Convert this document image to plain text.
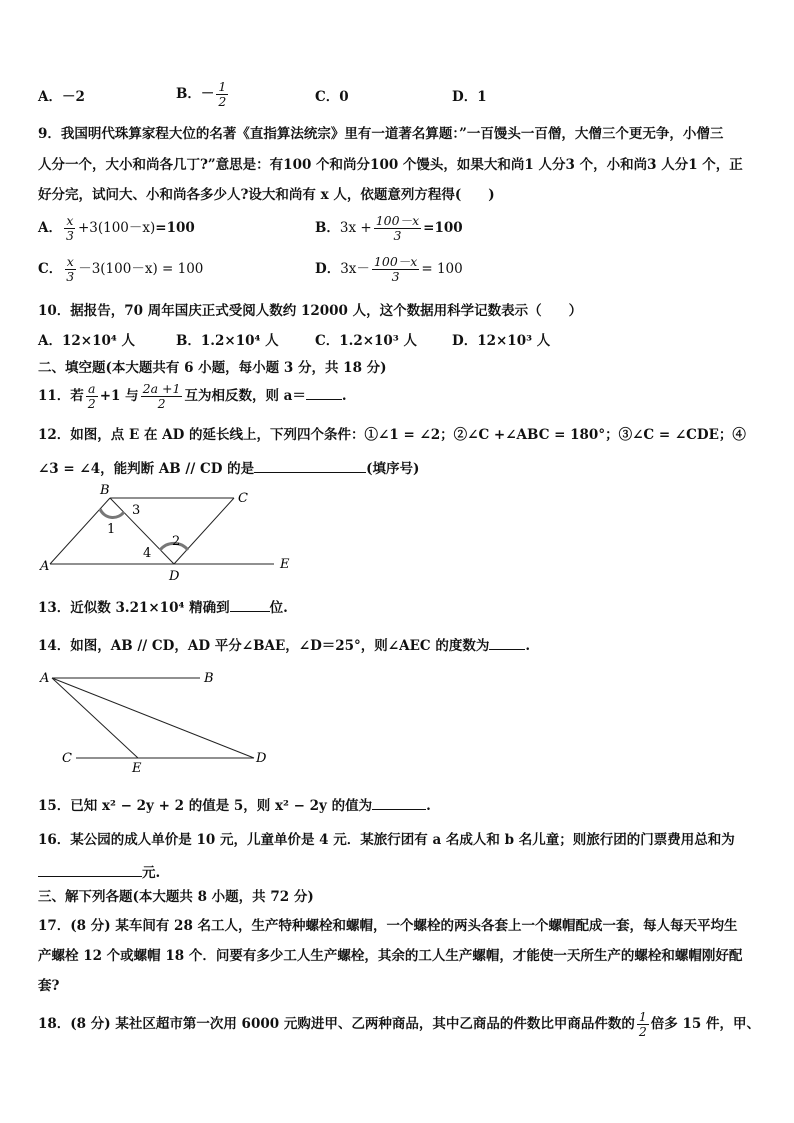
A．－2	B．－ $\frac{1}{2}$	C．0	D．1
9．我国明代珠算家程大位的名著《直指算法统宗》里有一道著名算题：”一百馒头一百僧，大僧三个更无争，小僧三
人分一个，大小和尚各几丁?”意思是：有100 个和尚分100 个馒头，如果大和尚1 人分3 个，小和尚3 人分1 个，正
好分完，试问大、小和尚各多少人?设大和尚有 x 人，依题意列方程得(　　)
A． $\frac{x}{3} +3(100-x)=100$	B．$3x + \frac{100-x}{3} =100$
C． $\frac{x}{3} -3(100-x) = 100$	D．$3x- \frac{100-x}{3} = 100$
10．据报告，70 周年国庆正式受阅人数约 12000 人，这个数据用科学记数表示（　　）
A．12×10⁴ 人	B．1.2×10⁴ 人	C．1.2×10³ 人	D．12×10³ 人
二、填空题(本大题共有 6 小题，每小题 3 分，共 18 分)
11．若 $\frac{a}{2} +1$ 与 $\frac{2a +1}{2}$ 互为相反数，则 a＝	.
12．如图，点 E 在 AD 的延长线上，下列四个条件：①∠1 = ∠2；②∠C +∠ABC = 180°；③∠C = ∠CDE；④
∠3 = ∠4，能判断 AB // CD 的是	(填序号)
B
C
A
D
E
1
2
3
4
13．近似数 3.21×10⁴ 精确到	位.
14．如图，AB // CD，AD 平分∠BAE，∠D＝25°，则∠AEC 的度数为	.
A	B
C
E
D
15．已知 x² − 2y + 2 的值是 5，则 x² − 2y 的值为	.
16．某公园的成人单价是 10 元，儿童单价是 4 元．某旅行团有 a 名成人和 b 名儿童；则旅行团的门票费用总和为
元.
三、解下列各题(本大题共 8 小题，共 72 分)
17．(8 分) 某车间有 28 名工人，生产特种螺栓和螺帽，一个螺栓的两头各套上一个螺帽配成一套，每人每天平均生
产螺栓 12 个或螺帽 18 个．问要有多少工人生产螺栓，其余的工人生产螺帽，才能使一天所生产的螺栓和螺帽刚好配
套?
18．(8 分) 某社区超市第一次用 6000 元购进甲、乙两种商品，其中乙商品的件数比甲商品件数的 $\frac{1}{2}$ 倍多 15 件，甲、
